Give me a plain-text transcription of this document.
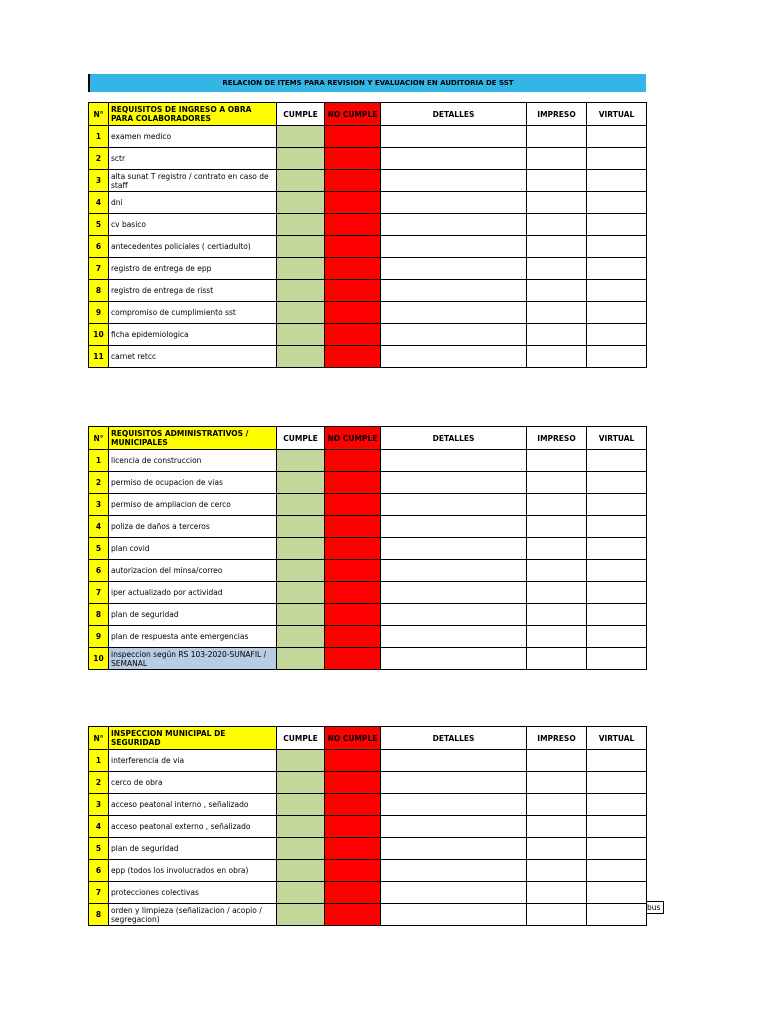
RELACION DE ITEMS PARA REVISION Y EVALUACION EN AUDITORIA DE SST
N°	REQUISITOS DE INGRESO A OBRA PARA COLABORADORES	CUMPLE	NO CUMPLE	DETALLES	IMPRESO	VIRTUAL
1	examen medico					
2	sctr					
3	alta sunat T registro / contrato en caso de staff					
4	dni					
5	cv basico					
6	antecedentes policiales ( certiadulto)					
7	registro de entrega de epp					
8	registro de entrega de risst					
9	compromiso de cumplimiento sst					
10	ficha epidemiologica					
11	carnet retcc					
N°	REQUISITOS ADMINISTRATIVOS / MUNICIPALES	CUMPLE	NO CUMPLE	DETALLES	IMPRESO	VIRTUAL
1	licencia de construccion					
2	permiso de ocupacion de vias					
3	permiso de ampliacion de cerco					
4	poliza de daños a terceros					
5	plan covid					
6	autorizacion del minsa/correo					
7	iper actualizado por actividad					
8	plan de seguridad					
9	plan de respuesta ante emergencias					
10	inspeccion según RS 103-2020-SUNAFIL / SEMANAL					
N°	INSPECCION MUNICIPAL DE SEGURIDAD	CUMPLE	NO CUMPLE	DETALLES	IMPRESO	VIRTUAL
1	interferencia de via					
2	cerco de obra					
3	acceso peatonal interno , señalizado					
4	acceso peatonal externo , señalizado					
5	plan de seguridad					
6	epp (todos los involucrados en obra)					
7	protecciones colectivas					
8	orden y limpieza (señalizacion / acopio / segregacion)					
bus
